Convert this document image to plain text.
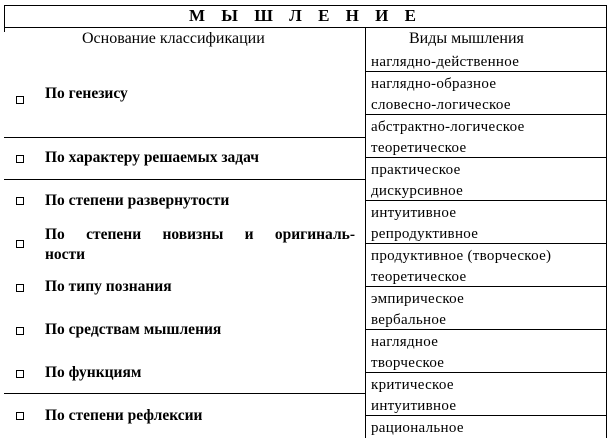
М Ы Ш Л Е Н И Е
Основание классификации	Виды мышления
наглядно-действенное
наглядно-образное
словесно-логическое
абстрактно-логическое
теоретическое
практическое
дискурсивное
интуитивное
репродуктивное
продуктивное (творческое)
теоретическое
эмпирическое
вербальное
наглядное
творческое
критическое
интуитивное
рациональное
По генезису
По характеру решаемых задач
По степени развернутости
По степени новизны и оригиналь-
ности
По типу познания
По средствам мышления
По функциям
По степени рефлексии
